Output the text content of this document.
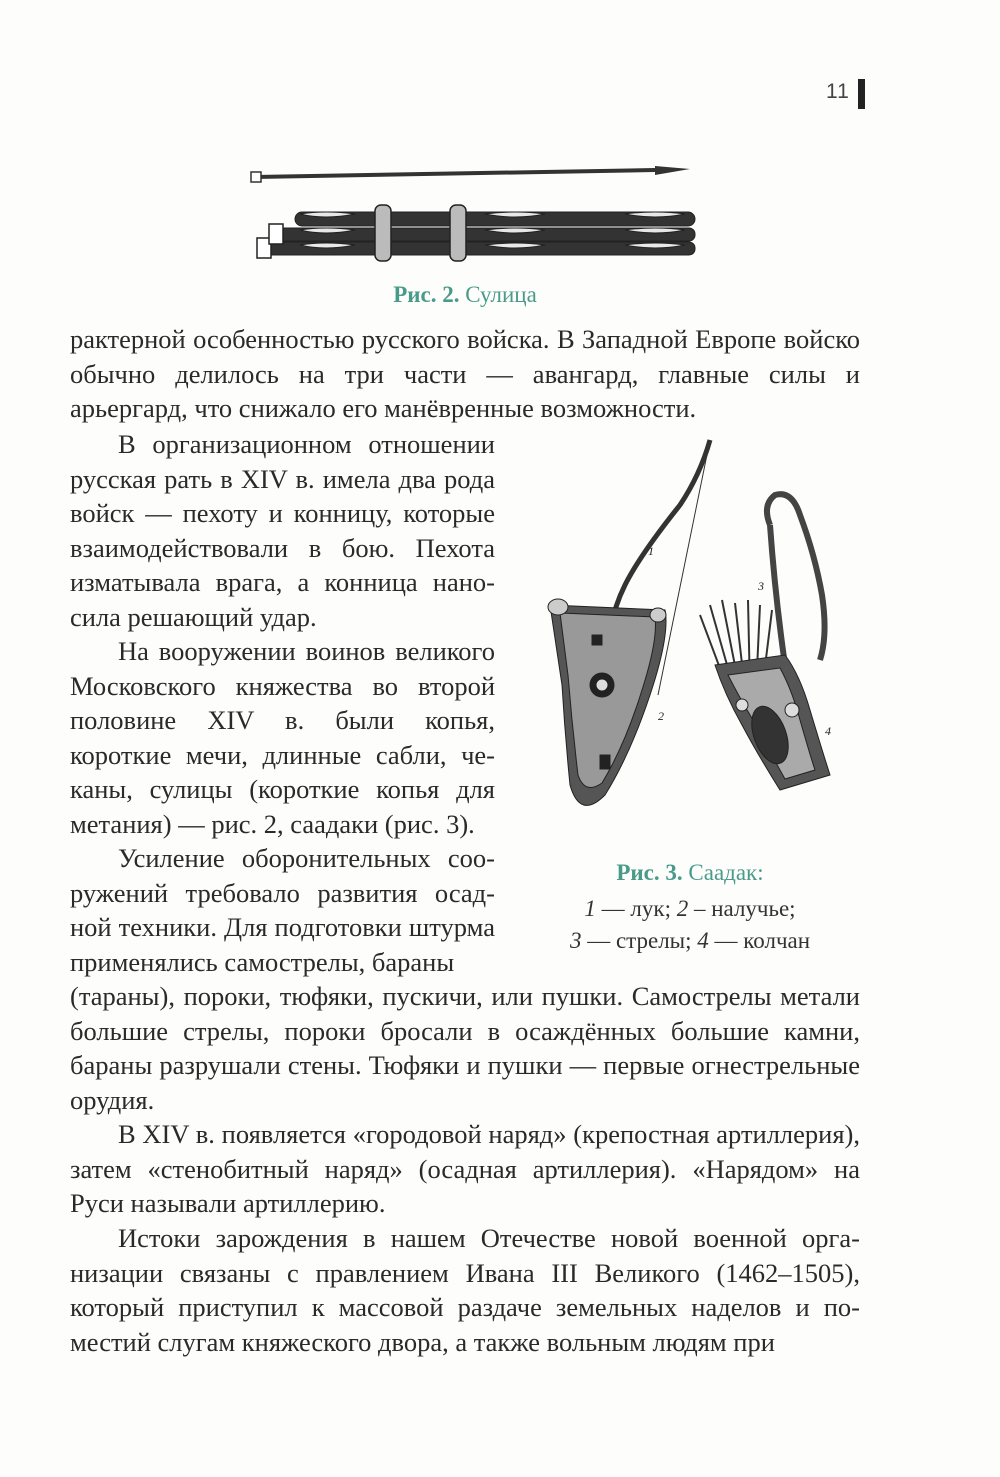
11
Рис. 2. Сулица

рактерной особенностью русского войска. В Западной Европе войско обычно делилось на три части — авангард, главные силы и арьергард, что снижало его манёвренные возможности.

В организационном отношении русская рать в XIV в. имела два рода войск — пехоту и конницу, которые взаимодействовали в бою. Пехота изматывала врага, а конница наносила решающий удар.

На вооружении воинов великого Московского княжества во второй половине XIV в. были копья, короткие мечи, длинные сабли, чеканы, сулицы (короткие копья для метания) — рис. 2, саадаки (рис. 3).

Усиление оборонительных сооружений требовало развития осадной техники. Для подготовки штурма применялись самострелы, бараны

(тараны), пороки, тюфяки, пускичи, или пушки. Самострелы метали большие стрелы, пороки бросали в осаждённых большие камни, бараны разрушали стены. Тюфяки и пушки — первые огнестрельные орудия.

В XIV в. появляется «городовой наряд» (крепостная артиллерия), затем «стенобитный наряд» (осадная артиллерия). «Нарядом» на Руси называли артиллерию.

Истоки зарождения в нашем Отечестве новой военной организации связаны с правлением Ивана III Великого (1462–1505), который приступил к массовой раздаче земельных наделов и поместий слугам княжеского двора, а также вольным людям при

1
2
3
4
Рис. 3. Саадак:
1 — лук; 2 – налучье;
3 — стрелы; 4 — колчан
